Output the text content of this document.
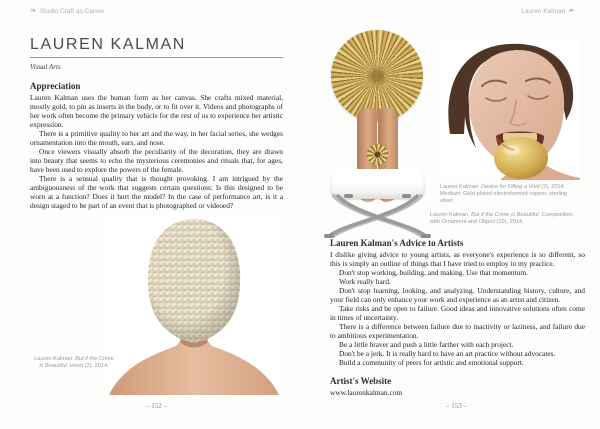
❧ Studio Craft as Career	Lauren Kalman ❧
LAUREN KALMAN
Visual Arts
Appreciation

Lauren Kalman uses the human form as her canvas. She crafts mixed material, mostly gold, to pin as inserts in the body, or to fit over it. Videos and photographs of her work often become the primary vehicle for the rest of us to experience her artistic expression.

There is a primitive quality to her art and the way, in her facial series, she wedges ornamentation into the mouth, ears, and nose.

Once viewers visually absorb the peculiarity of the decoration, they are drawn into beauty that seems to echo the mysterious ceremonies and rituals that, for ages, have been used to explore the powers of the female.

There is a sensual quality that is thought provoking. I am intrigued by the ambiguousness of the work that suggests certain questions: Is this designed to be worn at a function? Does it hurt the model? In the case of performance art, is it a design staged to be part of an event that is photographed or videoed?

Lauren Kalman. But if the Crime is Beautiful. Hood (2), 2014.
– 152 –
Lauren Kalman. Device for Filling a Void (2), 2014. Medium: Gold-plated electroformed copper, sterling silver.
Lauren Kalman. But if the Crime is Beautiful. Composition with Ornament and Object (10), 2014.
Lauren Kalman's Advice to Artists

I dislike giving advice to young artists, as everyone's experience is so different, so this is simply an outline of things that I have tried to employ in my practice.

Don't stop working, building, and making. Use that momentum.

Work really hard.

Don't stop learning, looking, and analyzing. Understanding history, culture, and your field can only enhance your work and experience as an artist and citizen.

Take risks and be open to failure. Good ideas and innovative solutions often come in times of uncertainty.

There is a difference between failure due to inactivity or laziness, and failure due to ambitious experimentation.

Be a little braver and push a little farther with each project.

Don't be a jerk. It is really hard to have an art practice without advocates.

Build a community of peers for artistic and emotional support.

Artist's Website
www.laurenkalman.com
– 153 –
